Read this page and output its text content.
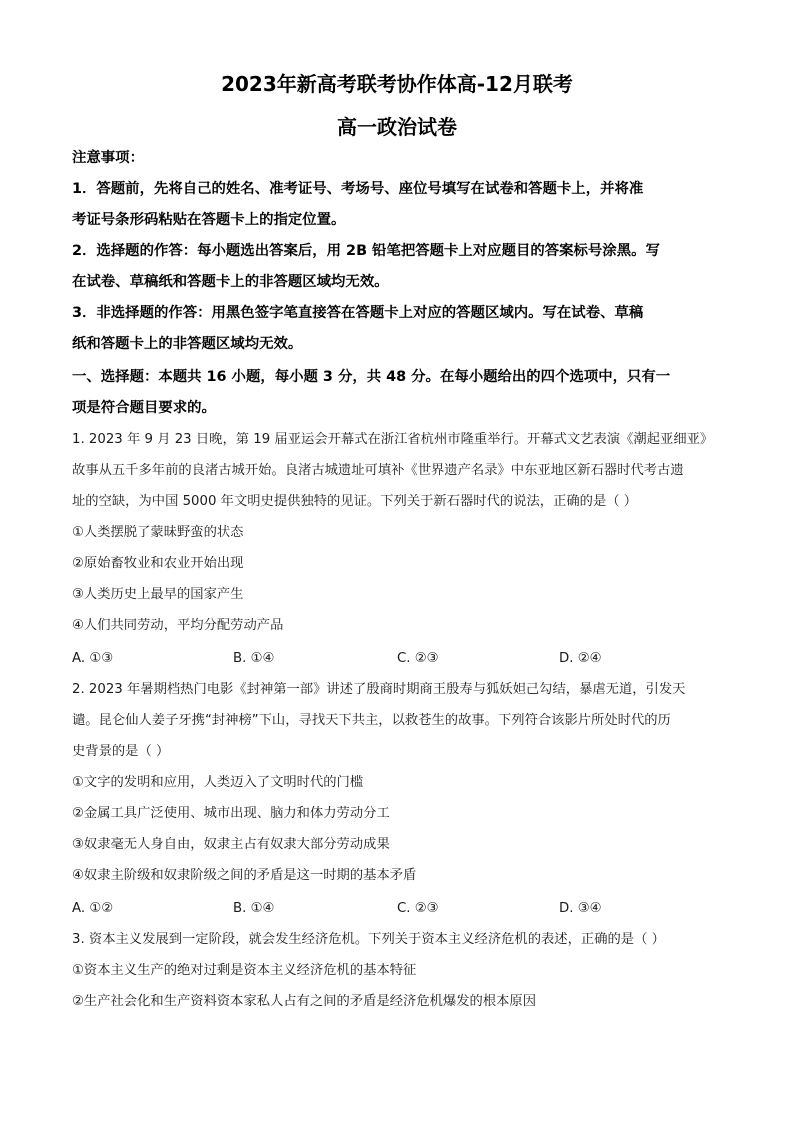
2023年新高考联考协作体高-12月联考
高一政治试卷
注意事项：
1．答题前，先将自己的姓名、准考证号、考场号、座位号填写在试卷和答题卡上，并将准
考证号条形码粘贴在答题卡上的指定位置。
2．选择题的作答：每小题选出答案后，用 2B 铅笔把答题卡上对应题目的答案标号涂黑。写
在试卷、草稿纸和答题卡上的非答题区域均无效。
3．非选择题的作答：用黑色签字笔直接答在答题卡上对应的答题区域内。写在试卷、草稿
纸和答题卡上的非答题区域均无效。
一、选择题：本题共 16 小题，每小题 3 分，共 48 分。在每小题给出的四个选项中，只有一
项是符合题目要求的。
1. 2023 年 9 月 23 日晚，第 19 届亚运会开幕式在浙江省杭州市隆重举行。开幕式文艺表演《潮起亚细亚》
故事从五千多年前的良渚古城开始。良渚古城遗址可填补《世界遗产名录》中东亚地区新石器时代考古遗
址的空缺，为中国 5000 年文明史提供独特的见证。下列关于新石器时代的说法，正确的是（ ）
①人类摆脱了蒙昧野蛮的状态
②原始畜牧业和农业开始出现
③人类历史上最早的国家产生
④人们共同劳动，平均分配劳动产品
A. ①③	B. ①④	C. ②③	D. ②④
2. 2023 年暑期档热门电影《封神第一部》讲述了殷商时期商王殷寿与狐妖妲己勾结，暴虐无道，引发天
谴。昆仑仙人姜子牙携“封神榜”下山，寻找天下共主，以救苍生的故事。下列符合该影片所处时代的历
史背景的是（ ）
①文字的发明和应用，人类迈入了文明时代的门槛
②金属工具广泛使用、城市出现、脑力和体力劳动分工
③奴隶毫无人身自由，奴隶主占有奴隶大部分劳动成果
④奴隶主阶级和奴隶阶级之间的矛盾是这一时期的基本矛盾
A. ①②	B. ①④	C. ②③	D. ③④
3. 资本主义发展到一定阶段，就会发生经济危机。下列关于资本主义经济危机的表述，正确的是（ ）
①资本主义生产的绝对过剩是资本主义经济危机的基本特征
②生产社会化和生产资料资本家私人占有之间的矛盾是经济危机爆发的根本原因
